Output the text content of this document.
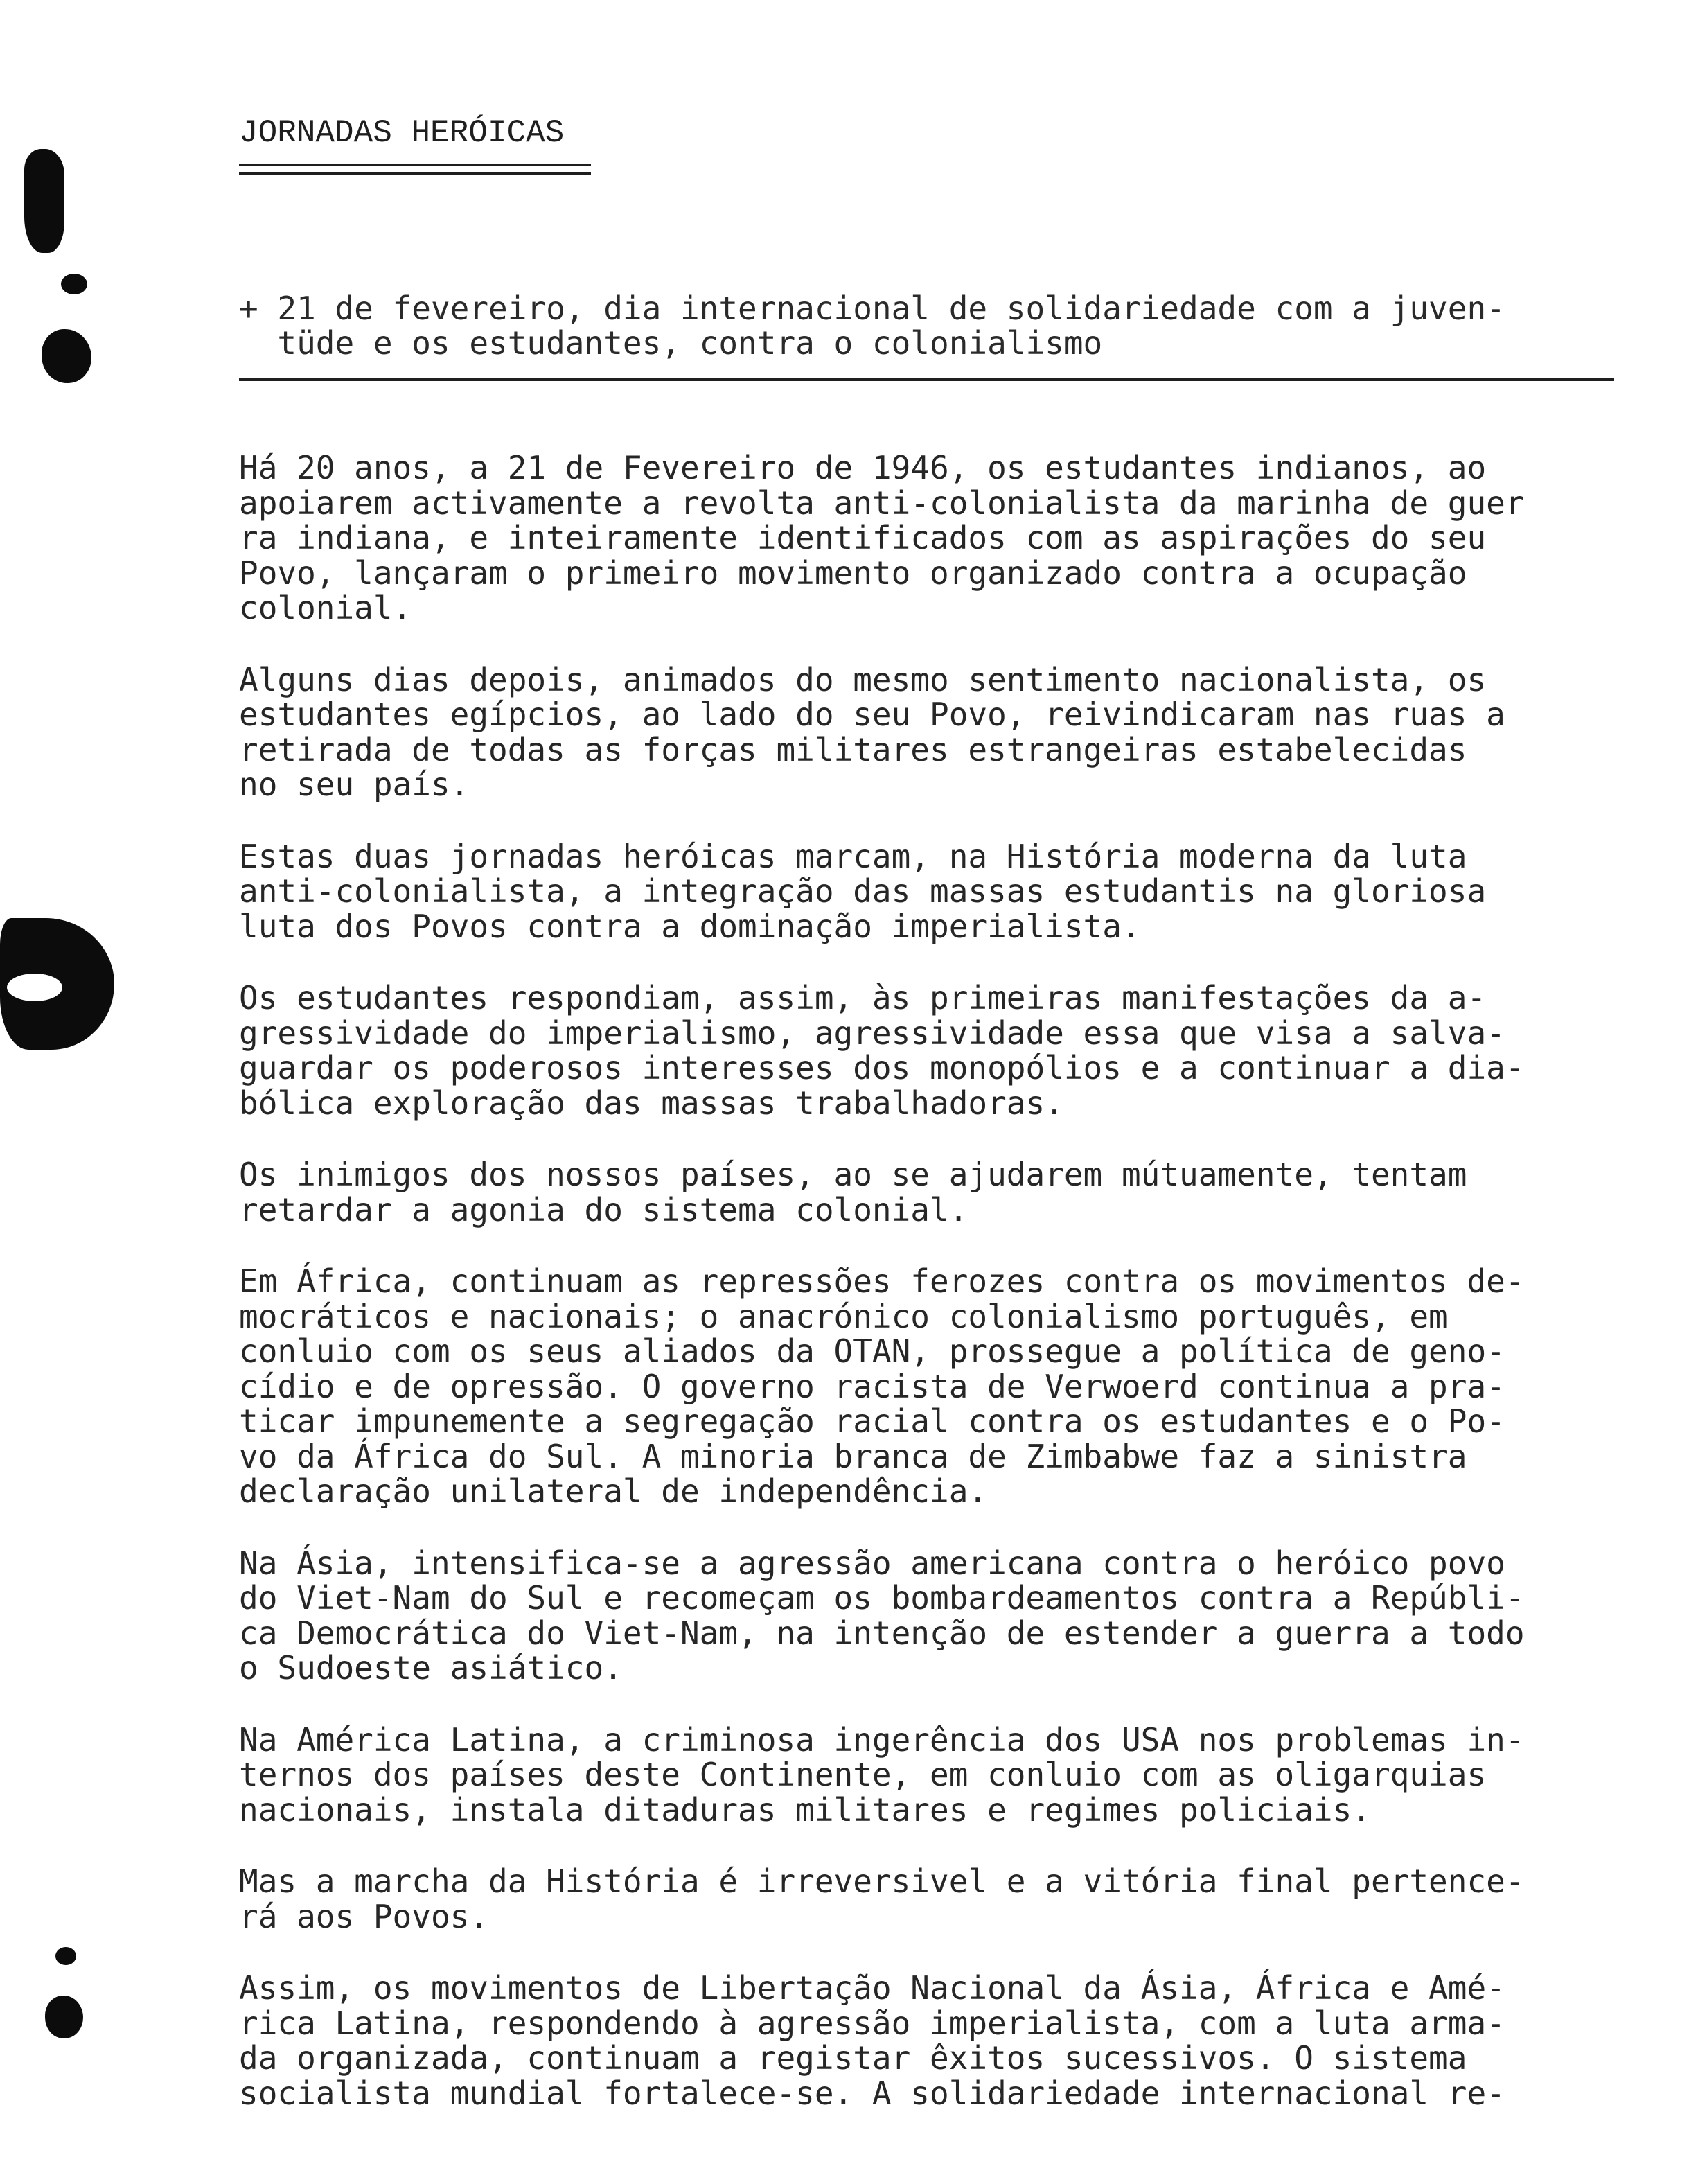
JORNADAS HERÓICAS
+ 21 de fevereiro, dia internacional de solidariedade com a juven-
tüde e os estudantes, contra o colonialismo
Há 20 anos, a 21 de Fevereiro de 1946, os estudantes indianos, ao
apoiarem activamente a revolta anti-colonialista da marinha de guer
ra indiana, e inteiramente identificados com as aspirações do seu
Povo, lançaram o primeiro movimento organizado contra a ocupação
colonial.
Alguns dias depois, animados do mesmo sentimento nacionalista, os
estudantes egípcios, ao lado do seu Povo, reivindicaram nas ruas a
retirada de todas as forças militares estrangeiras estabelecidas
no seu país.
Estas duas jornadas heróicas marcam, na História moderna da luta
anti-colonialista, a integração das massas estudantis na gloriosa
luta dos Povos contra a dominação imperialista.
Os estudantes respondiam, assim, às primeiras manifestações da a-
gressividade do imperialismo, agressividade essa que visa a salva-
guardar os poderosos interesses dos monopólios e a continuar a dia-
bólica exploração das massas trabalhadoras.
Os inimigos dos nossos países, ao se ajudarem mútuamente, tentam
retardar a agonia do sistema colonial.
Em África, continuam as repressões ferozes contra os movimentos de-
mocráticos e nacionais; o anacrónico colonialismo português, em
conluio com os seus aliados da OTAN, prossegue a política de geno-
cídio e de opressão. O governo racista de Verwoerd continua a pra-
ticar impunemente a segregação racial contra os estudantes e o Po-
vo da África do Sul. A minoria branca de Zimbabwe faz a sinistra
declaração unilateral de independência.
Na Ásia, intensifica-se a agressão americana contra o heróico povo
do Viet-Nam do Sul e recomeçam os bombardeamentos contra a Repúbli-
ca Democrática do Viet-Nam, na intenção de estender a guerra a todo
o Sudoeste asiático.
Na América Latina, a criminosa ingerência dos USA nos problemas in-
ternos dos países deste Continente, em conluio com as oligarquias
nacionais, instala ditaduras militares e regimes policiais.
Mas a marcha da História é irreversivel e a vitória final pertence-
rá aos Povos.
Assim, os movimentos de Libertação Nacional da Ásia, África e Amé-
rica Latina, respondendo à agressão imperialista, com a luta arma-
da organizada, continuam a registar êxitos sucessivos. O sistema
socialista mundial fortalece-se. A solidariedade internacional re-
